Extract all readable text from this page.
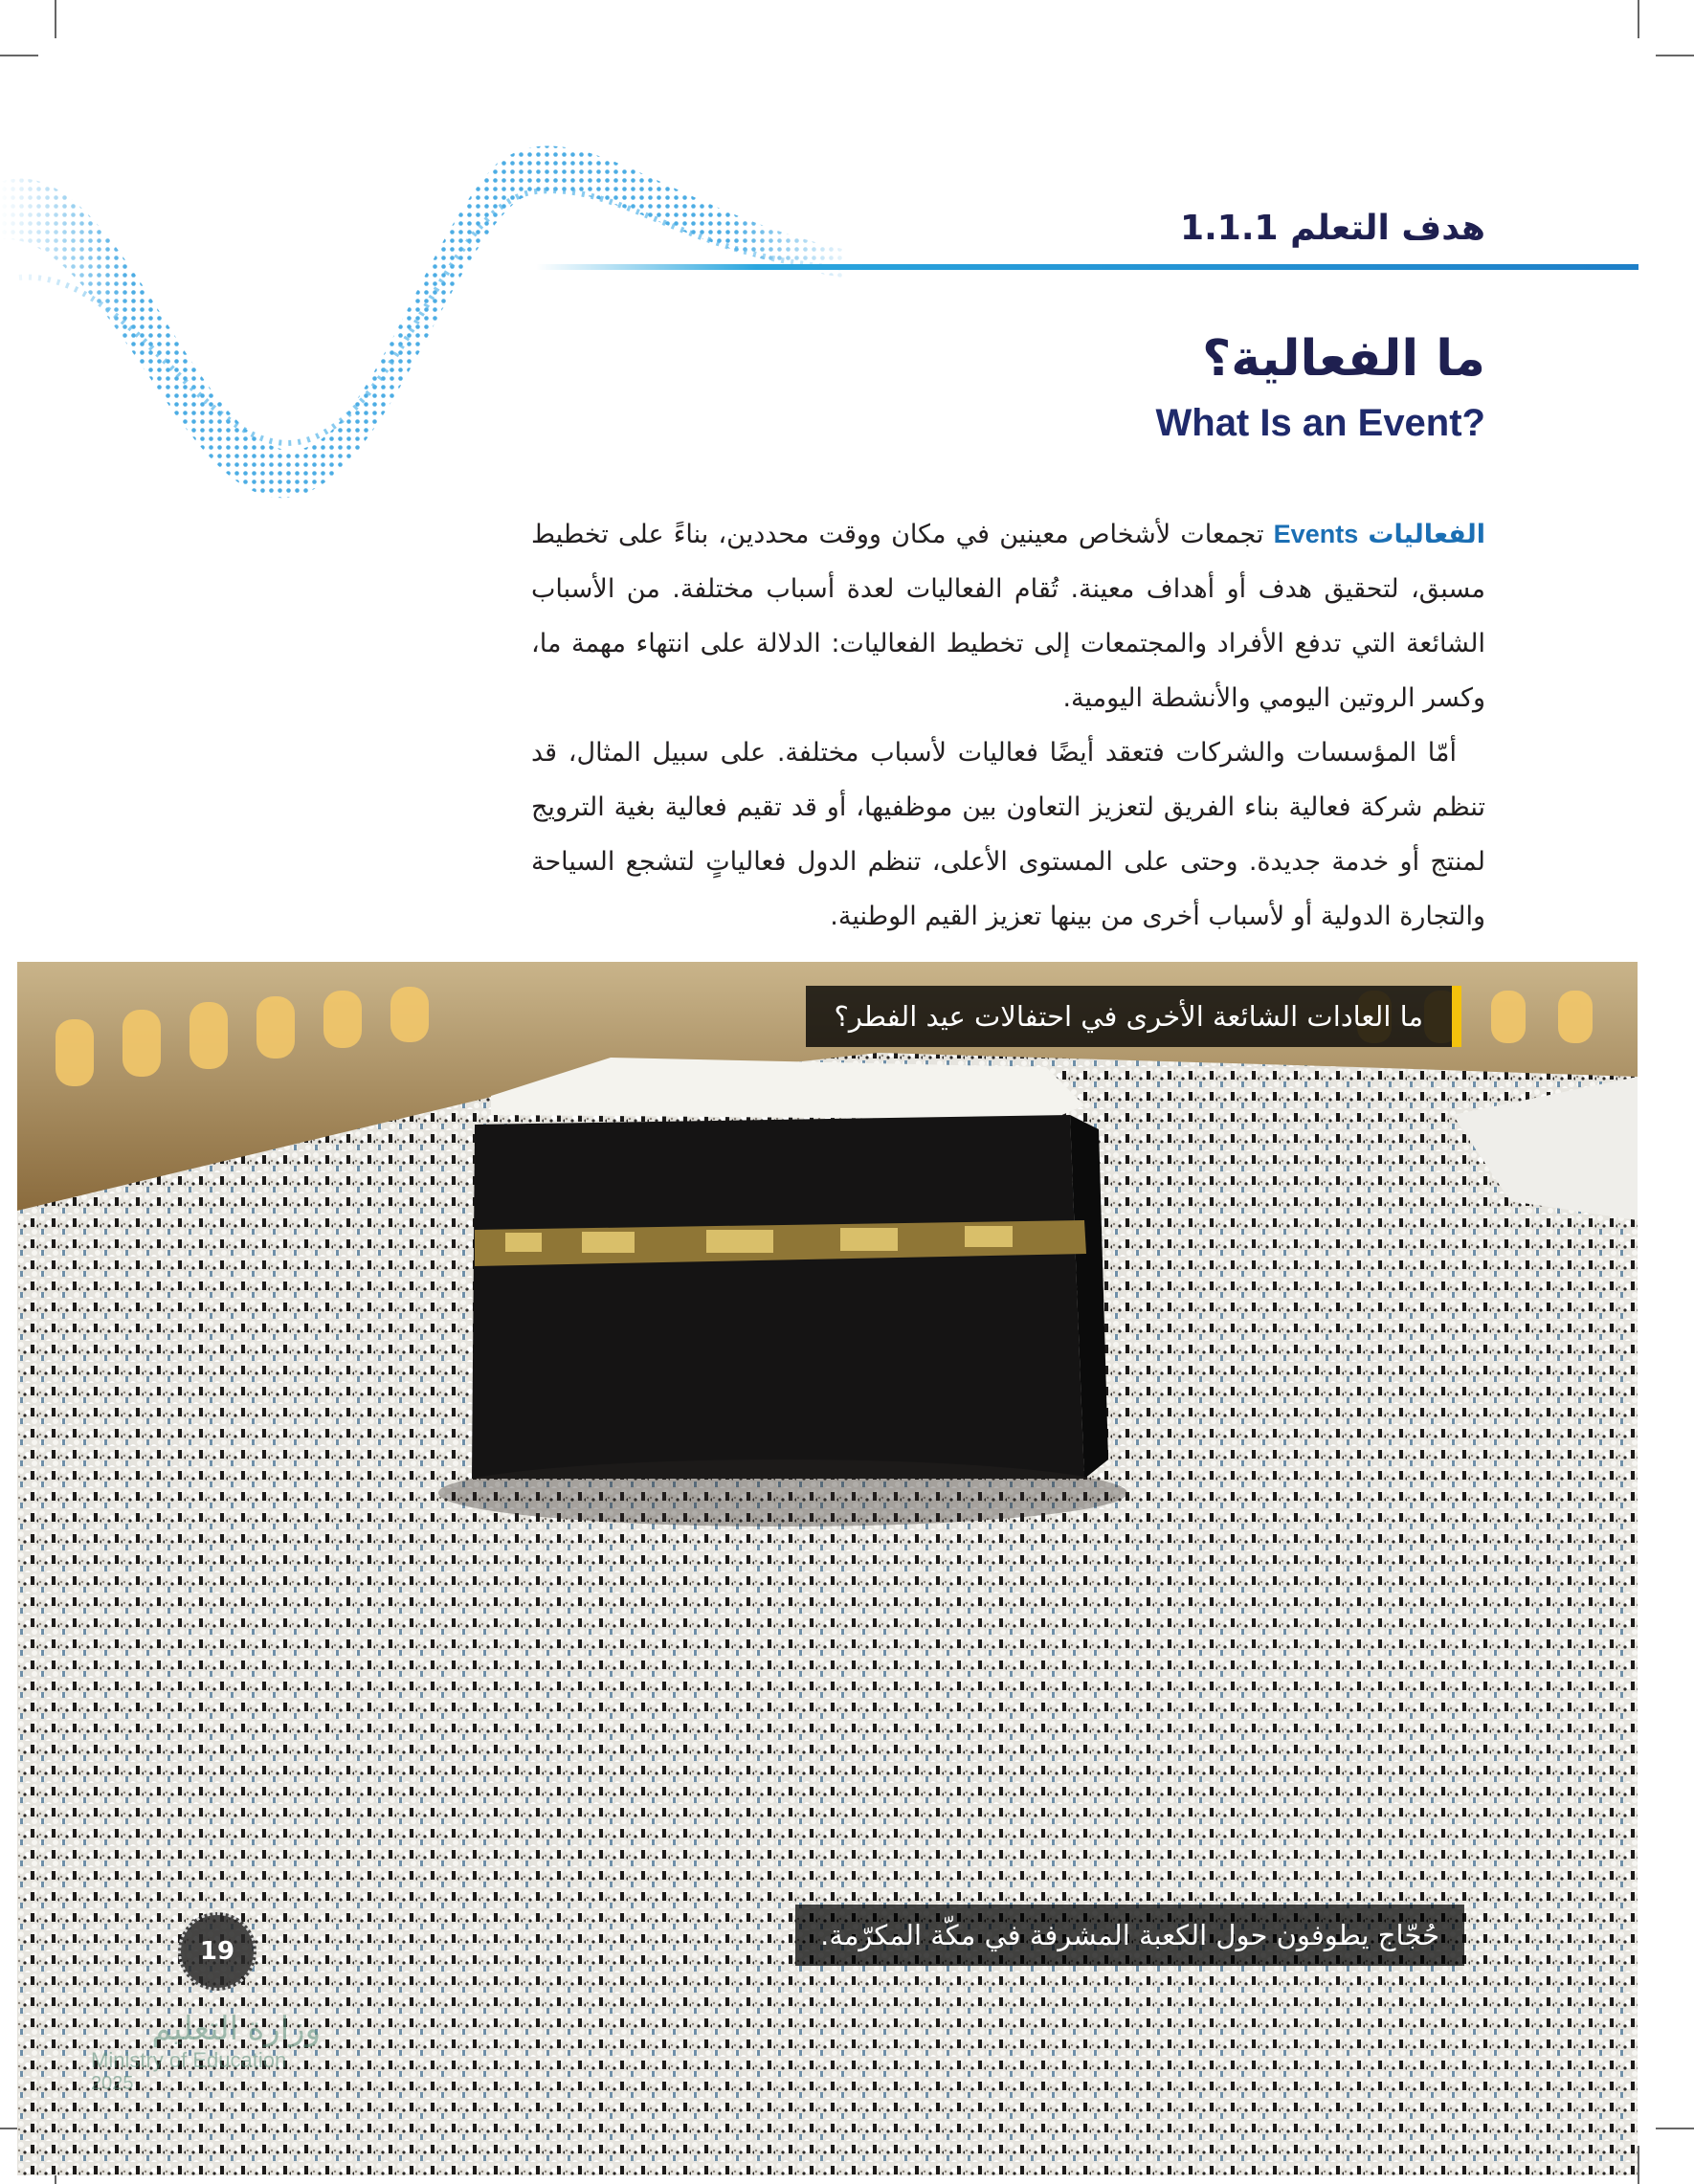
هدف التعلم 1.1.1
ما الفعالية؟
What Is an Event?

الفعاليات Events تجمعات لأشخاص معينين في مكان ووقت محددين، بناءً على تخطيط مسبق، لتحقيق هدف أو أهداف معينة. تُقام الفعاليات لعدة أسباب مختلفة. من الأسباب الشائعة التي تدفع الأفراد والمجتمعات إلى تخطيط الفعاليات: الدلالة على انتهاء مهمة ما، وكسر الروتين اليومي والأنشطة اليومية.

أمّا المؤسسات والشركات فتعقد أيضًا فعاليات لأسباب مختلفة. على سبيل المثال، قد تنظم شركة فعالية بناء الفريق لتعزيز التعاون بين موظفيها، أو قد تقيم فعالية بغية الترويج لمنتج أو خدمة جديدة. وحتى على المستوى الأعلى، تنظم الدول فعالياتٍ لتشجع السياحة والتجارة الدولية أو لأسباب أخرى من بينها تعزيز القيم الوطنية.

ما العادات الشائعة الأخرى في احتفالات عيد الفطر؟
حُجّاج يطوفون حول الكعبة المشرفة في مكّة المكرّمة.
19
وزارة التعليم
Ministry of Education
2025
